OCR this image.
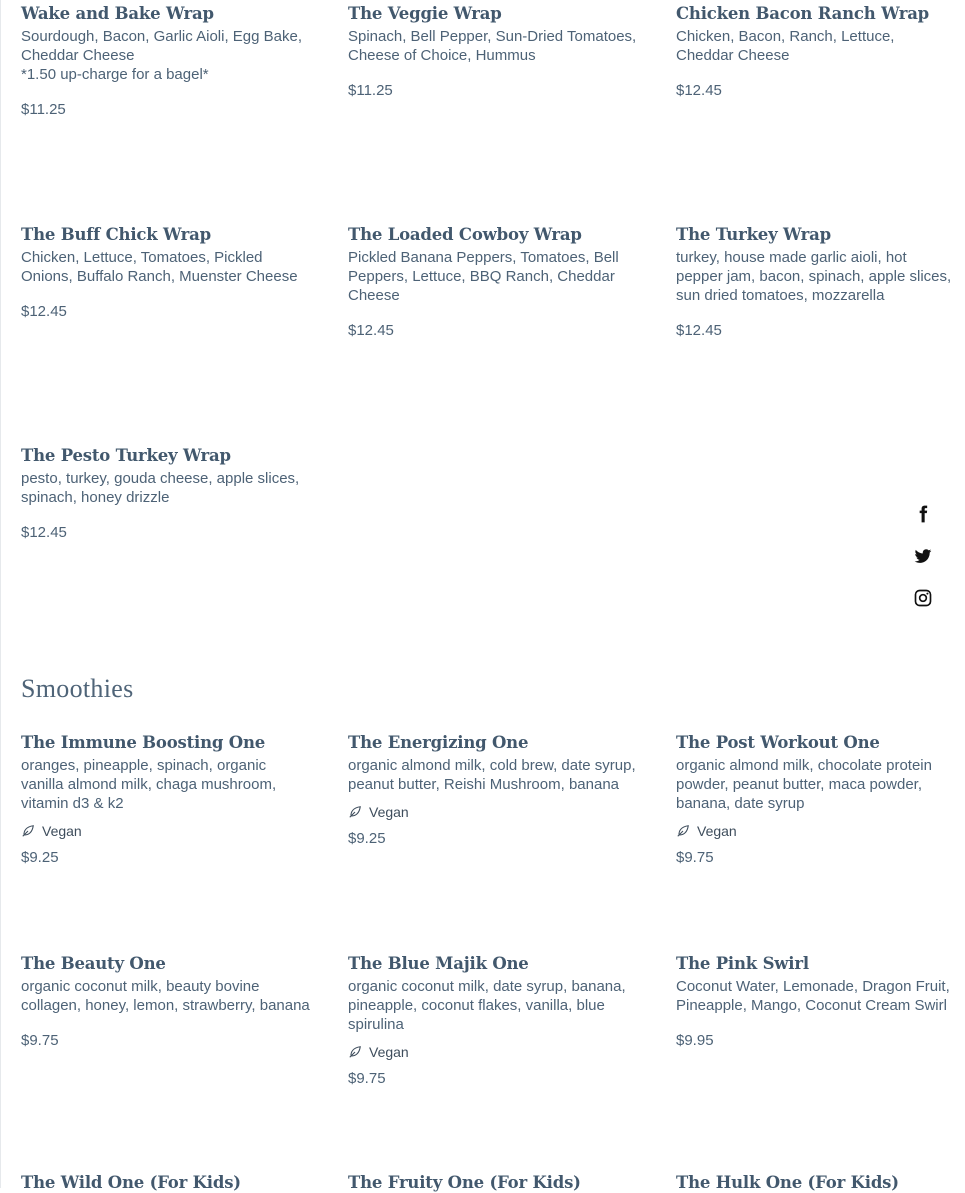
Wake and Bake Wrap
Sourdough, Bacon, Garlic Aioli, Egg Bake, Cheddar Cheese
*1.50 up-charge for a bagel*
$11.25
The Veggie Wrap
Spinach, Bell Pepper, Sun-Dried Tomatoes, Cheese of Choice, Hummus
$11.25
Chicken Bacon Ranch Wrap
Chicken, Bacon, Ranch, Lettuce, Cheddar Cheese
$12.45
The Buff Chick Wrap
Chicken, Lettuce, Tomatoes, Pickled Onions, Buffalo Ranch, Muenster Cheese
$12.45
The Loaded Cowboy Wrap
Pickled Banana Peppers, Tomatoes, Bell Peppers, Lettuce, BBQ Ranch, Cheddar Cheese
$12.45
The Turkey Wrap
turkey, house made garlic aioli, hot pepper jam, bacon, spinach, apple slices, sun dried tomatoes, mozzarella
$12.45
The Pesto Turkey Wrap
pesto, turkey, gouda cheese, apple slices, spinach, honey drizzle
$12.45
Smoothies
The Immune Boosting One
oranges, pineapple, spinach, organic vanilla almond milk, chaga mushroom, vitamin d3 & k2
Vegan
$9.25
The Energizing One
organic almond milk, cold brew, date syrup, peanut butter, Reishi Mushroom, banana
Vegan
$9.25
The Post Workout One
organic almond milk, chocolate protein powder, peanut butter, maca powder, banana, date syrup
Vegan
$9.75
The Beauty One
organic coconut milk, beauty bovine collagen, honey, lemon, strawberry, banana
$9.75
The Blue Majik One
organic coconut milk, date syrup, banana, pineapple, coconut flakes, vanilla, blue spirulina
Vegan
$9.75
The Pink Swirl
Coconut Water, Lemonade, Dragon Fruit, Pineapple, Mango, Coconut Cream Swirl
$9.95
The Wild One (For Kids)	The Fruity One (For Kids)	The Hulk One (For Kids)
